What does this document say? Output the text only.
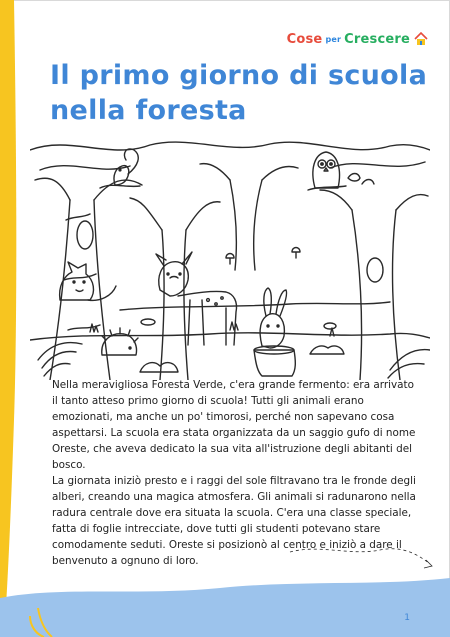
Cose per Crescere
Il primo giorno di scuola
nella foresta

Nella meravigliosa Foresta Verde, c'era grande fermento: era arrivato il tanto atteso primo giorno di scuola! Tutti gli animali erano emozionati, ma anche un po' timorosi, perché non sapevano cosa aspettarsi. La scuola era stata organizzata da un saggio gufo di nome Oreste, che aveva dedicato la sua vita all'istruzione degli abitanti del bosco.

La giornata iniziò presto e i raggi del sole filtravano tra le fronde degli alberi, creando una magica atmosfera. Gli animali si radunarono nella radura centrale dove era situata la scuola. C'era una classe speciale, fatta di foglie intrecciate, dove tutti gli studenti potevano stare comodamente seduti. Oreste si posizionò al centro e iniziò a dare il benvenuto a ognuno di loro.

1
